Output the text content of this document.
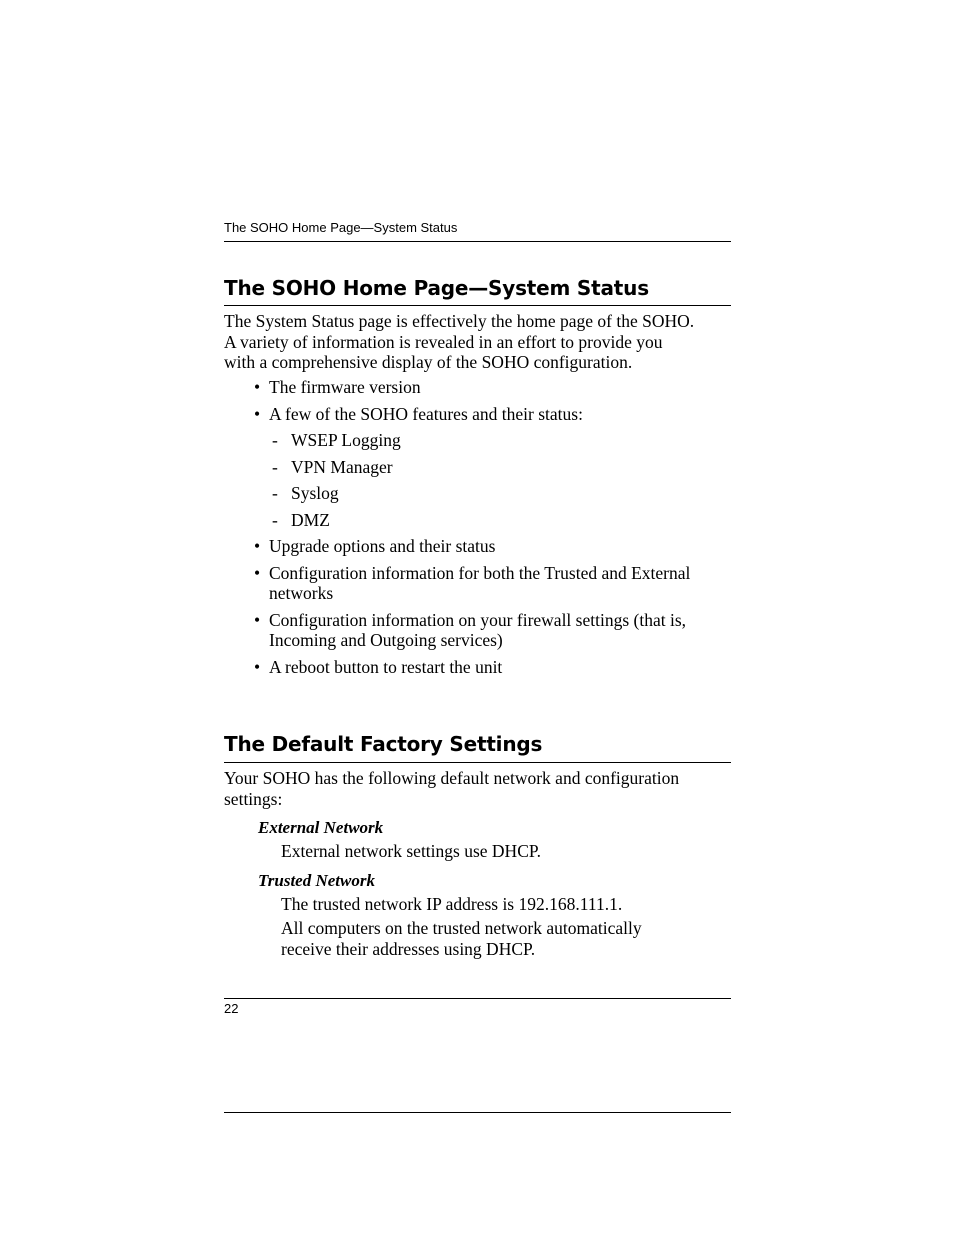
The SOHO Home Page—System Status
The SOHO Home Page—System Status
The System Status page is effectively the home page of the SOHO.
A variety of information is revealed in an effort to provide you
with a comprehensive display of the SOHO configuration.
• The firmware version
• A few of the SOHO features and their status:
- WSEP Logging
- VPN Manager
- Syslog
- DMZ
• Upgrade options and their status
• Configuration information for both the Trusted and External
networks
• Configuration information on your firewall settings (that is,
Incoming and Outgoing services)
• A reboot button to restart the unit
The Default Factory Settings
Your SOHO has the following default network and configuration
settings:
External Network
External network settings use DHCP.
Trusted Network
The trusted network IP address is 192.168.111.1.
All computers on the trusted network automatically
receive their addresses using DHCP.
22
